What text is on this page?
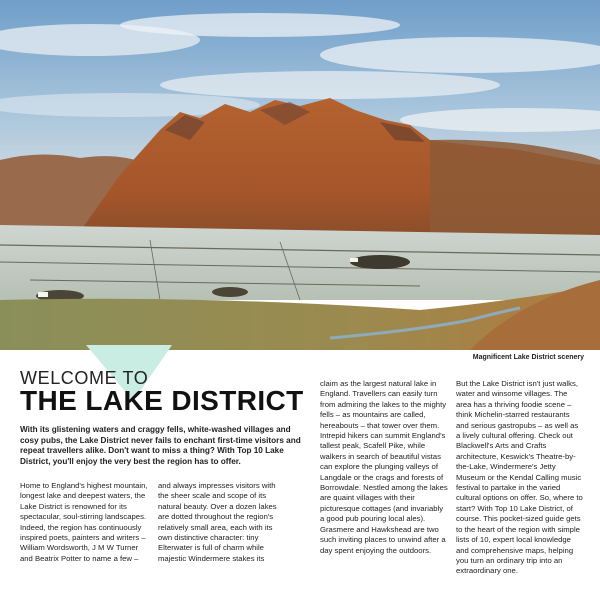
Magnificent Lake District scenery
WELCOME TO
THE LAKE DISTRICT
With its glistening waters and craggy fells, white-washed villages and cosy pubs, the Lake District never fails to enchant first-time visitors and repeat travellers alike. Don't want to miss a thing? With Top 10 Lake District, you'll enjoy the very best the region has to offer.

Home to England's highest mountain, longest lake and deepest waters, the Lake District is renowned for its spectacular, soul-stirring landscapes. Indeed, the region has continuously inspired poets, painters and writers – William Wordsworth, J M W Turner and Beatrix Potter to name a few –

and always impresses visitors with the sheer scale and scope of its natural beauty. Over a dozen lakes are dotted throughout the region's relatively small area, each with its own distinctive character: tiny Elterwater is full of charm while majestic Windermere stakes its

claim as the largest natural lake in England. Travellers can easily turn from admiring the lakes to the mighty fells – as mountains are called, hereabouts – that tower over them. Intrepid hikers can summit England's tallest peak, Scafell Pike, while walkers in search of beautiful vistas can explore the plunging valleys of Langdale or the crags and forests of Borrowdale. Nestled among the lakes are quaint villages with their picturesque cottages (and invariably a good pub pouring local ales). Grasmere and Hawkshead are two such inviting places to unwind after a day spent enjoying the outdoors.

But the Lake District isn't just walks, water and winsome villages. The area has a thriving foodie scene – think Michelin-starred restaurants and serious gastropubs – as well as a lively cultural offering. Check out Blackwell's Arts and Crafts architecture, Keswick's Theatre-by-the-Lake, Windermere's Jetty Museum or the Kendal Calling music festival to partake in the varied cultural options on offer. So, where to start? With Top 10 Lake District, of course. This pocket-sized guide gets to the heart of the region with simple lists of 10, expert local knowledge and comprehensive maps, helping you turn an ordinary trip into an extraordinary one.
